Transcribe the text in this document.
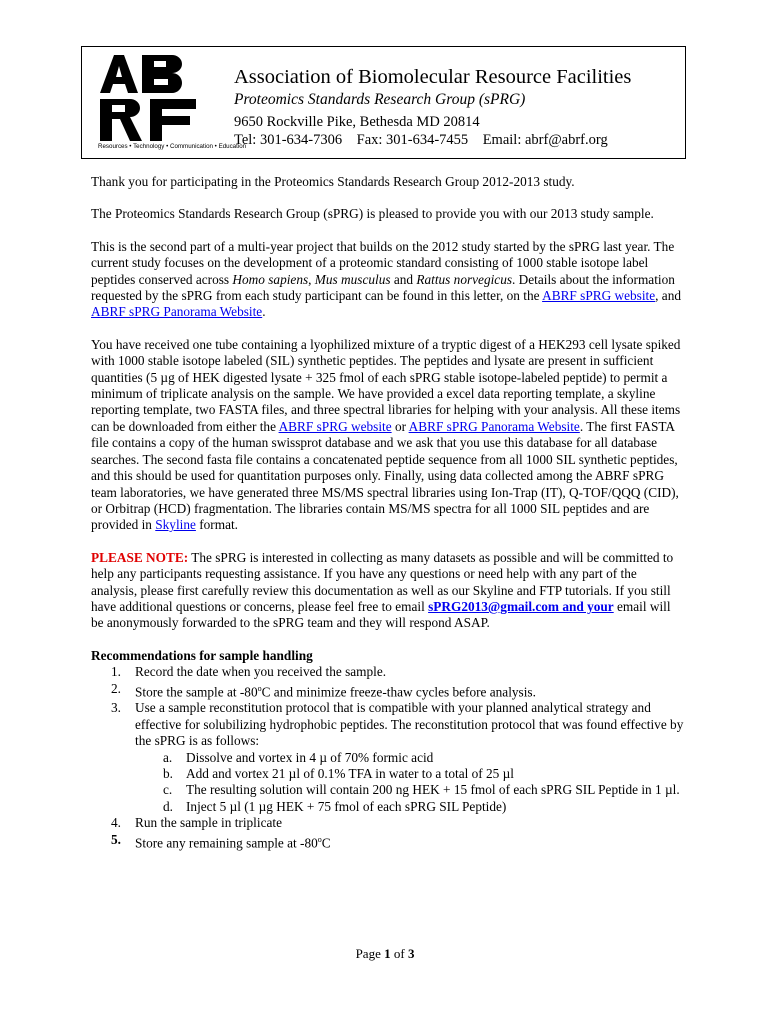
Resources • Technology • Communication • Education
Association of Biomolecular Resource Facilities
Proteomics Standards Research Group (sPRG)
9650 Rockville Pike, Bethesda MD 20814
Tel: 301-634-7306 Fax: 301-634-7455 Email: abrf@abrf.org

Thank you for participating in the Proteomics Standards Research Group 2012-2013 study.

The Proteomics Standards Research Group (sPRG) is pleased to provide you with our 2013 study sample.

This is the second part of a multi-year project that builds on the 2012 study started by the sPRG last year. The current study focuses on the development of a proteomic standard consisting of 1000 stable isotope label peptides conserved across Homo sapiens, Mus musculus and Rattus norvegicus. Details about the information requested by the sPRG from each study participant can be found in this letter, on the ABRF sPRG website, and ABRF sPRG Panorama Website.

You have received one tube containing a lyophilized mixture of a tryptic digest of a HEK293 cell lysate spiked with 1000 stable isotope labeled (SIL) synthetic peptides. The peptides and lysate are present in sufficient quantities (5 µg of HEK digested lysate + 325 fmol of each sPRG stable isotope-labeled peptide) to permit a minimum of triplicate analysis on the sample. We have provided a excel data reporting template, a skyline reporting template, two FASTA files, and three spectral libraries for helping with your analysis. All these items can be downloaded from either the ABRF sPRG website or ABRF sPRG Panorama Website. The first FASTA file contains a copy of the human swissprot database and we ask that you use this database for all database searches. The second fasta file contains a concatenated peptide sequence from all 1000 SIL synthetic peptides, and this should be used for quantitation purposes only. Finally, using data collected among the ABRF sPRG team laboratories, we have generated three MS/MS spectral libraries using Ion-Trap (IT), Q-TOF/QQQ (CID), or Orbitrap (HCD) fragmentation. The libraries contain MS/MS spectra for all 1000 SIL peptides and are provided in Skyline format.

PLEASE NOTE: The sPRG is interested in collecting as many datasets as possible and will be committed to help any participants requesting assistance. If you have any questions or need help with any part of the analysis, please first carefully review this documentation as well as our Skyline and FTP tutorials. If you still have additional questions or concerns, please feel free to email sPRG2013@gmail.com and your email will be anonymously forwarded to the sPRG team and they will respond ASAP.

Recommendations for sample handling
1. Record the date when you received the sample.
2. Store the sample at -80$^o$C and minimize freeze-thaw cycles before analysis.
3. Use a sample reconstitution protocol that is compatible with your planned analytical strategy and effective for solubilizing hydrophobic peptides. The reconstitution protocol that was found effective by the sPRG is as follows:
a. Dissolve and vortex in 4 µ of 70% formic acid
b. Add and vortex 21 µl of 0.1% TFA in water to a total of 25 µl
c. The resulting solution will contain 200 ng HEK + 15 fmol of each sPRG SIL Peptide in 1 µl.
d. Inject 5 µl (1 µg HEK + 75 fmol of each sPRG SIL Peptide)
4. Run the sample in triplicate
5. Store any remaining sample at -80$^o$C
Page 1 of 3
